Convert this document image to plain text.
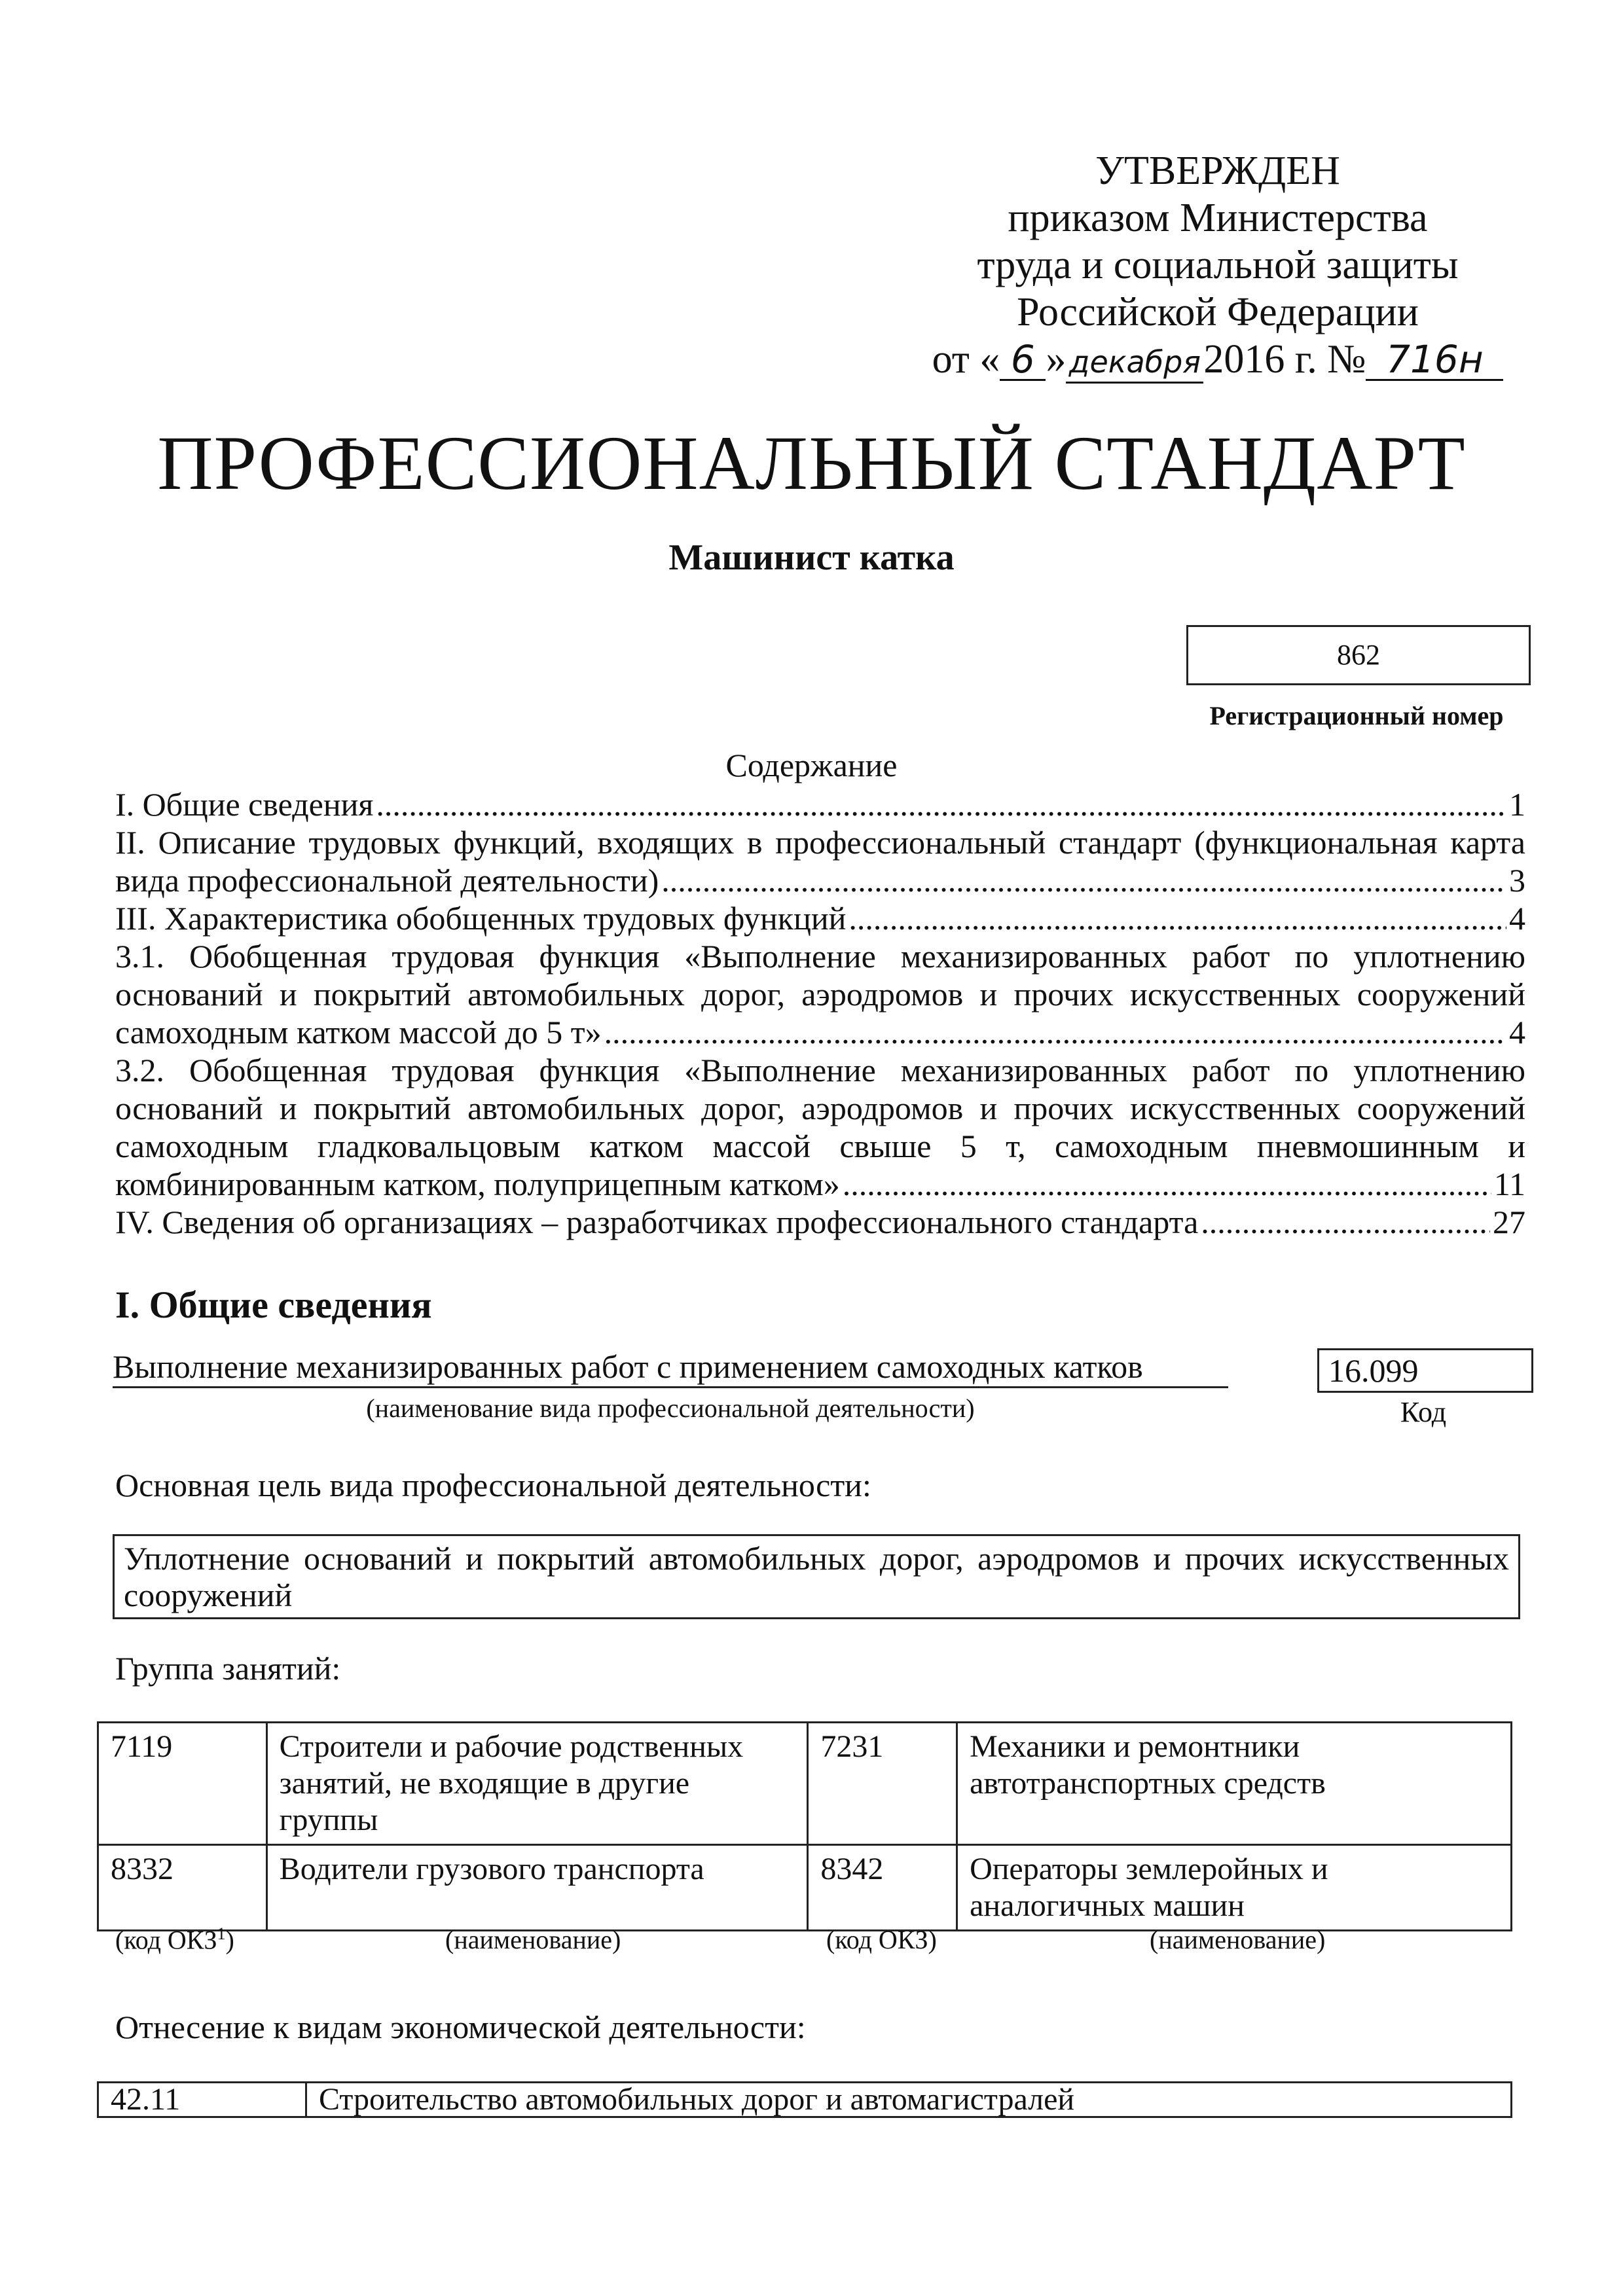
УТВЕРЖДЕН
приказом Министерства
труда и социальной защиты
Российской Федерации
от « 6 »декабря2016 г. № 716н
ПРОФЕССИОНАЛЬНЫЙ СТАНДАРТ
Машинист катка
862
Регистрационный номер
Содержание
I. Общие сведения .....	1
II. Описание трудовых функций, входящих в профессиональный стандарт (функциональная карта
вида профессиональной деятельности) .....	3
III. Характеристика обобщенных трудовых функций .....	4
3.1. Обобщенная трудовая функция «Выполнение механизированных работ по уплотнению
оснований и покрытий автомобильных дорог, аэродромов и прочих искусственных сооружений
самоходным катком массой до 5 т» .....	4
3.2. Обобщенная трудовая функция «Выполнение механизированных работ по уплотнению
оснований и покрытий автомобильных дорог, аэродромов и прочих искусственных сооружений
самоходным гладковальцовым катком массой свыше 5 т, самоходным пневмошинным и
комбинированным катком, полуприцепным катком» .....	11
IV. Сведения об организациях – разработчиках профессионального стандарта .....	27
I. Общие сведения
Выполнение механизированных работ с применением самоходных катков
(наименование вида профессиональной деятельности)
16.099
Код
Основная цель вида профессиональной деятельности:
Уплотнение оснований и покрытий автомобильных дорог, аэродромов и прочих искусственных
сооружений
Группа занятий:
7119	Строители и рабочие родственных занятий, не входящие в другие группы	7231	Механики и ремонтники автотранспортных средств
8332	Водители грузового транспорта	8342	Операторы землеройных и аналогичных машин
(код ОКЗ$^1$)	(наименование)	(код ОКЗ)	(наименование)
Отнесение к видам экономической деятельности:
42.11	Строительство автомобильных дорог и автомагистралей
